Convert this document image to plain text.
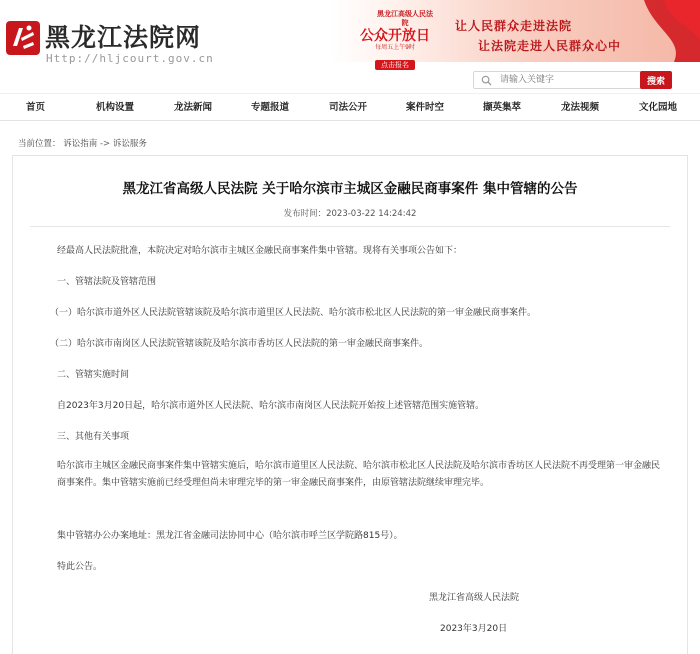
黑龙江法院网
Http://hljcourt.gov.cn
黑龙江高级人民法院
公众开放日
每周五上午9时
点击报名
让人民群众走进法院
让法院走进人民群众心中
请输入关键字
搜索
首页	机构设置	龙法新闻	专题报道	司法公开	案件时空	撷英集萃	龙法视频	文化园地
当前位置： 诉讼指南 -> 诉讼服务
黑龙江省高级人民法院 关于哈尔滨市主城区金融民商事案件 集中管辖的公告
发布时间：2023-03-22 14:24:42
经最高人民法院批准，本院决定对哈尔滨市主城区金融民商事案件集中管辖。现将有关事项公告如下：
一、管辖法院及管辖范围
（一）哈尔滨市道外区人民法院管辖该院及哈尔滨市道里区人民法院、哈尔滨市松北区人民法院的第一审金融民商事案件。
（二）哈尔滨市南岗区人民法院管辖该院及哈尔滨市香坊区人民法院的第一审金融民商事案件。
二、管辖实施时间
自2023年3月20日起，哈尔滨市道外区人民法院、哈尔滨市南岗区人民法院开始按上述管辖范围实施管辖。
三、其他有关事项
哈尔滨市主城区金融民商事案件集中管辖实施后，哈尔滨市道里区人民法院、哈尔滨市松北区人民法院及哈尔滨市香坊区人民法院不再受理第一审金融民商事案件。集中管辖实施前已经受理但尚未审理完毕的第一审金融民商事案件，由原管辖法院继续审理完毕。
集中管辖办公办案地址：黑龙江省金融司法协同中心（哈尔滨市呼兰区学院路815号）。
特此公告。
黑龙江省高级人民法院
2023年3月20日
